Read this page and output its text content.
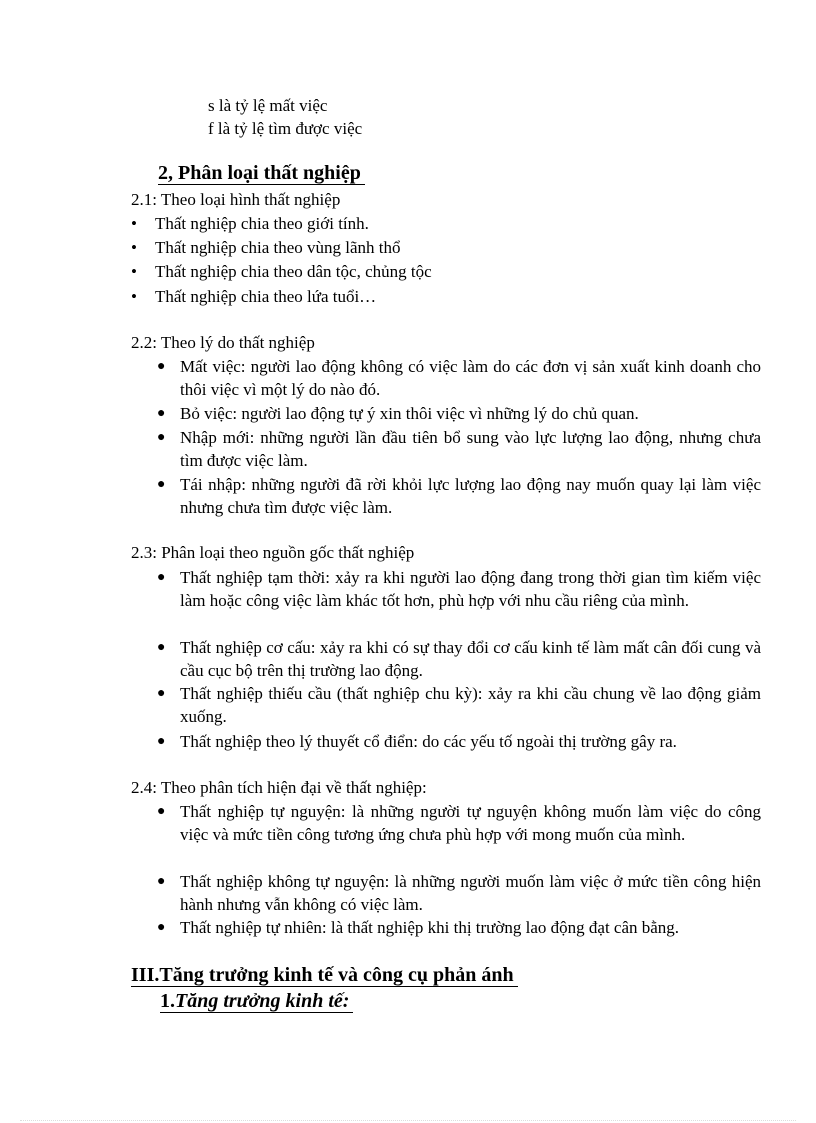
s là tỷ lệ mất việc
f là tỷ lệ tìm được việc
2, Phân loại thất nghiệp
2.1: Theo loại hình thất nghiệp
• Thất nghiệp chia theo giới tính.
• Thất nghiệp chia theo vùng lãnh thổ
• Thất nghiệp chia theo dân tộc, chủng tộc
• Thất nghiệp chia theo lứa tuổi…
2.2: Theo lý do thất nghiệp
● Mất việc: người lao động không có việc làm do các đơn vị sản xuất kinh doanh cho thôi việc vì một lý do nào đó.
● Bỏ việc: người lao động tự ý xin thôi việc vì những lý do chủ quan.
● Nhập mới: những người lần đầu tiên bổ sung vào lực lượng lao động, nhưng chưa tìm được việc làm.
● Tái nhập: những người đã rời khỏi lực lượng lao động nay muốn quay lại làm việc nhưng chưa tìm được việc làm.
2.3: Phân loại theo nguồn gốc thất nghiệp
● Thất nghiệp tạm thời: xảy ra khi người lao động đang trong thời gian tìm kiếm việc làm hoặc công việc làm khác tốt hơn, phù hợp với nhu cầu riêng của mình.
● Thất nghiệp cơ cấu: xảy ra khi có sự thay đổi cơ cấu kinh tế làm mất cân đối cung và cầu cục bộ trên thị trường lao động.
● Thất nghiệp thiếu cầu (thất nghiệp chu kỳ): xảy ra khi cầu chung về lao động giảm xuống.
● Thất nghiệp theo lý thuyết cổ điển: do các yếu tố ngoài thị trường gây ra.
2.4: Theo phân tích hiện đại về thất nghiệp:
● Thất nghiệp tự nguyện: là những người tự nguyện không muốn làm việc do công việc và mức tiền công tương ứng chưa phù hợp với mong muốn của mình.
● Thất nghiệp không tự nguyện: là những người muốn làm việc ở mức tiền công hiện hành nhưng vẫn không có việc làm.
● Thất nghiệp tự nhiên: là thất nghiệp khi thị trường lao động đạt cân bằng.
III.Tăng trưởng kinh tế và công cụ phản ánh
1.Tăng trưởng kinh tế:
